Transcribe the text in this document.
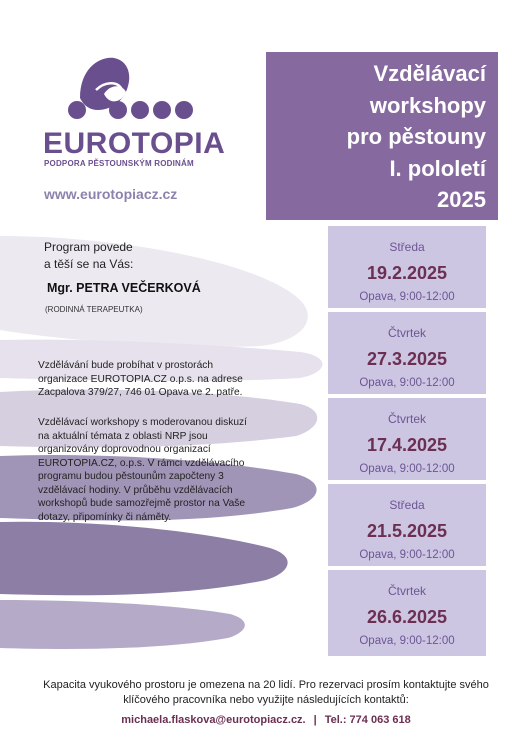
EUROTOPIA
PODPORA PĚSTOUNSKÝM RODINÁM
www.eurotopiacz.cz
Vzdělávací
workshopy
pro pěstouny
I. pololetí
2025
Program povede
a těší se na Vás:
Mgr. PETRA VEČERKOVÁ
(RODINNÁ TERAPEUTKA)
Vzdělávání bude probíhat v prostorách
organizace EUROTOPIA.CZ o.p.s. na adrese
Zacpalova 379/27, 746 01 Opava ve 2. patře.
Vzdělávací workshopy s moderovanou diskuzí
na aktuální témata z oblasti NRP jsou
organizovány doprovodnou organizací
EUROTOPIA.CZ, o.p.s. V rámci vzdělávacího
programu budou pěstounům započteny 3
vzdělávací hodiny. V průběhu vzdělávacích
workshopů bude samozřejmě prostor na Vaše
dotazy, připomínky či náměty.
Středa
19.2.2025
Opava, 9:00-12:00
Čtvrtek
27.3.2025
Opava, 9:00-12:00
Čtvrtek
17.4.2025
Opava, 9:00-12:00
Středa
21.5.2025
Opava, 9:00-12:00
Čtvrtek
26.6.2025
Opava, 9:00-12:00
Kapacita vyukového prostoru je omezena na 20 lidí. Pro rezervaci prosím kontaktujte svého
klíčového pracovníka nebo využijte následujících kontaktů:
michaela.flaskova@eurotopiacz.cz. | Tel.: 774 063 618
